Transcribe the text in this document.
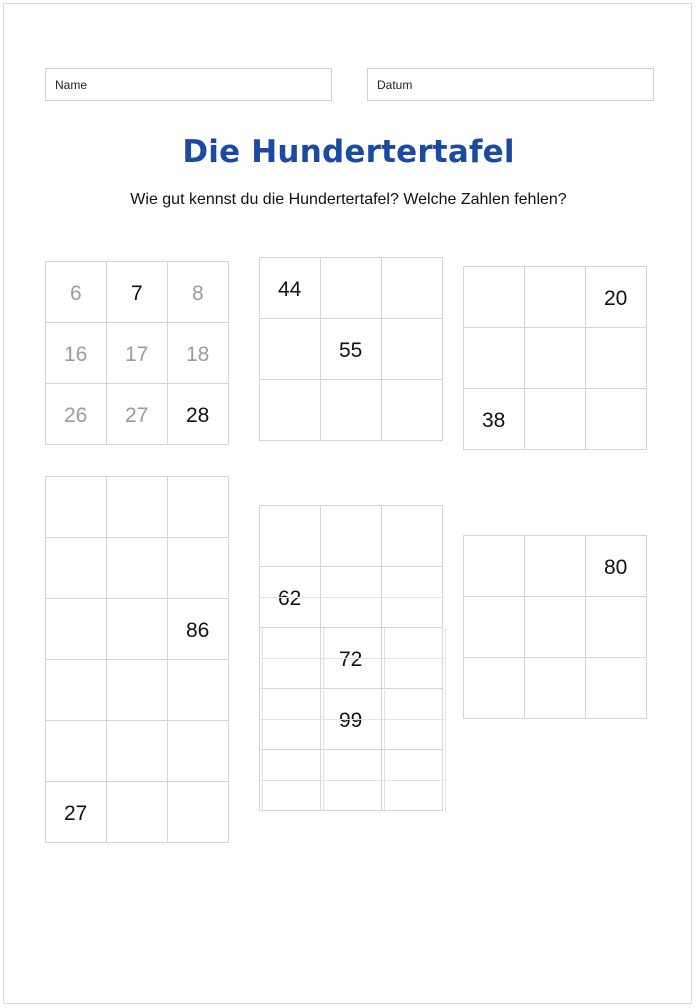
Name	Datum
Die Hundertertafel
Wie gut kennst du die Hundertertafel? Welche Zahlen fehlen?
6 7 8
16 17 18
26 27 28
44
55
20
38
86
27
62
72
99
80
